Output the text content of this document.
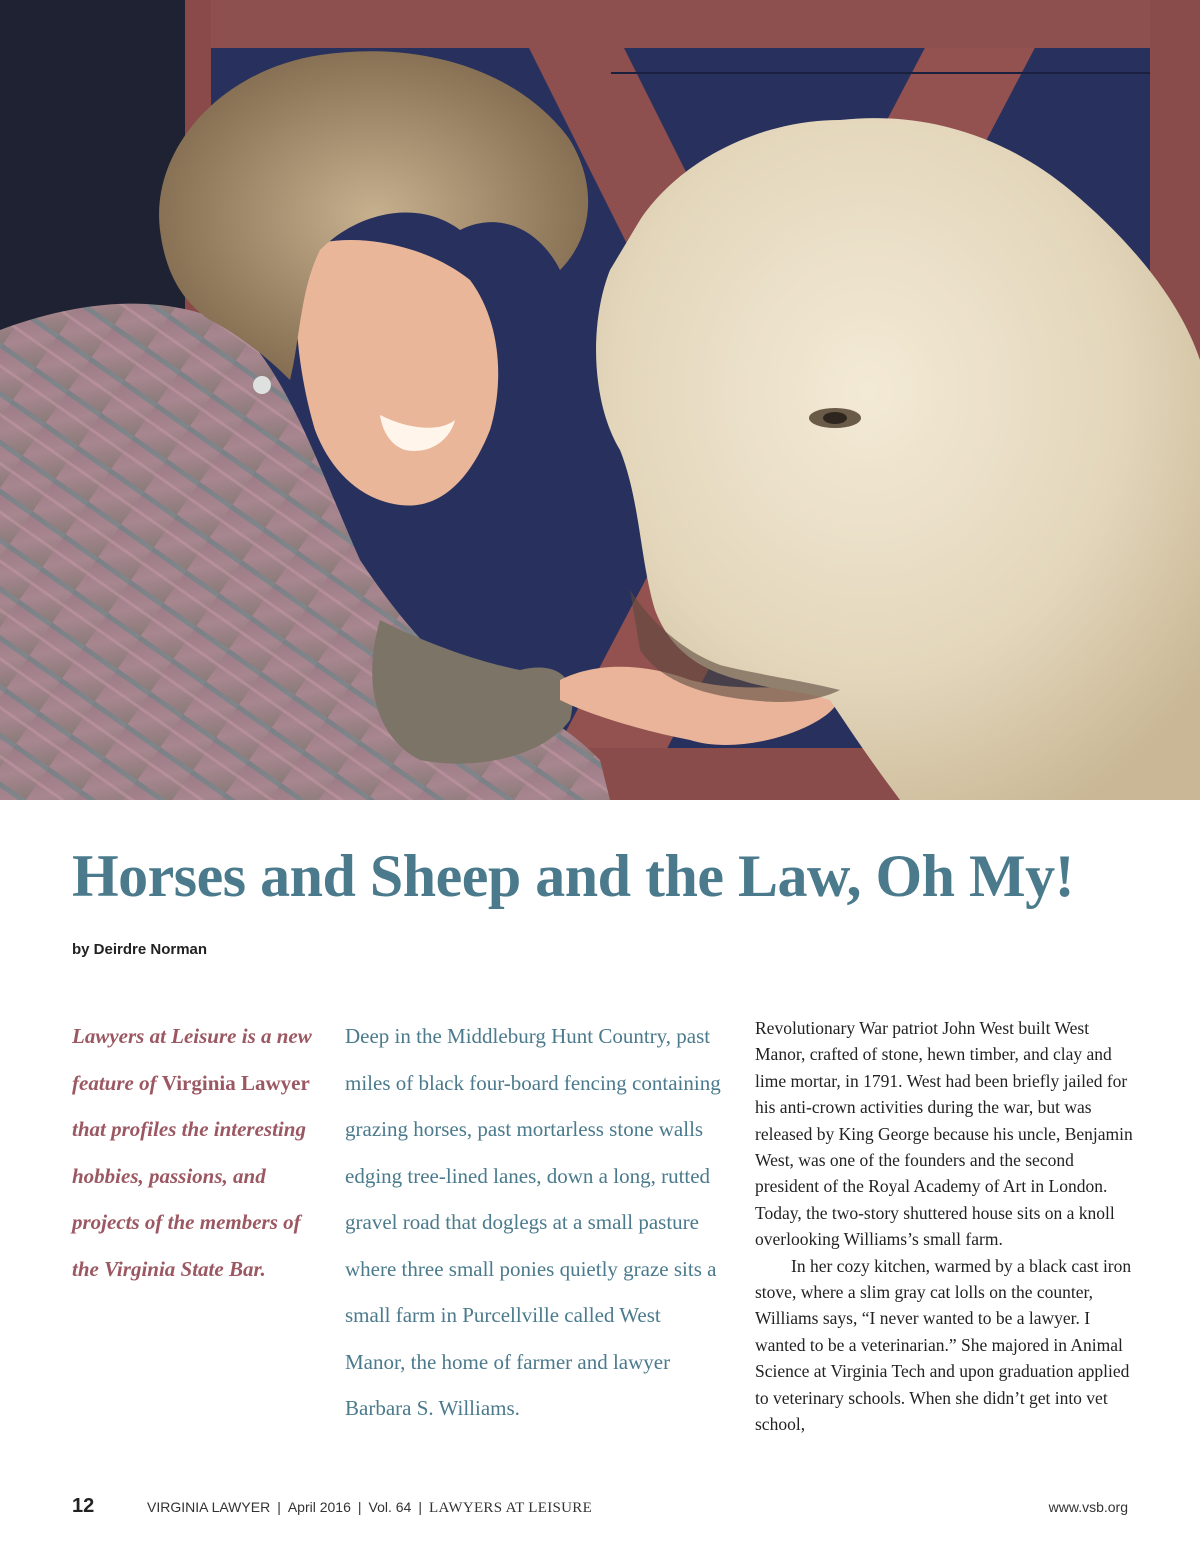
Horses and Sheep and the Law, Oh My!
by Deirdre Norman
Lawyers at Leisure is a new feature of Virginia Lawyer that profiles the interesting hobbies, passions, and projects of the members of the Virginia State Bar.
Deep in the Middleburg Hunt Country, past miles of black four-board fencing containing grazing horses, past mortarless stone walls edging tree-lined lanes, down a long, rutted gravel road that doglegs at a small pasture where three small ponies quietly graze sits a small farm in Purcellville called West Manor, the home of farmer and lawyer Barbara S. Williams.

Revolutionary War patriot John West built West Manor, crafted of stone, hewn timber, and clay and lime mortar, in 1791. West had been briefly jailed for his anti-crown activities during the war, but was released by King George because his uncle, Benjamin West, was one of the founders and the second president of the Royal Academy of Art in London. Today, the two-story shuttered house sits on a knoll overlooking Williams’s small farm.

In her cozy kitchen, warmed by a black cast iron stove, where a slim gray cat lolls on the counter, Williams says, “I never wanted to be a lawyer. I wanted to be a veterinarian.” She majored in Animal Science at Virginia Tech and upon graduation applied to veterinary schools. When she didn’t get into vet school,

12	VIRGINIA LAWYER | April 2016 | Vol. 64 | LAWYERS AT LEISURE	www.vsb.org
